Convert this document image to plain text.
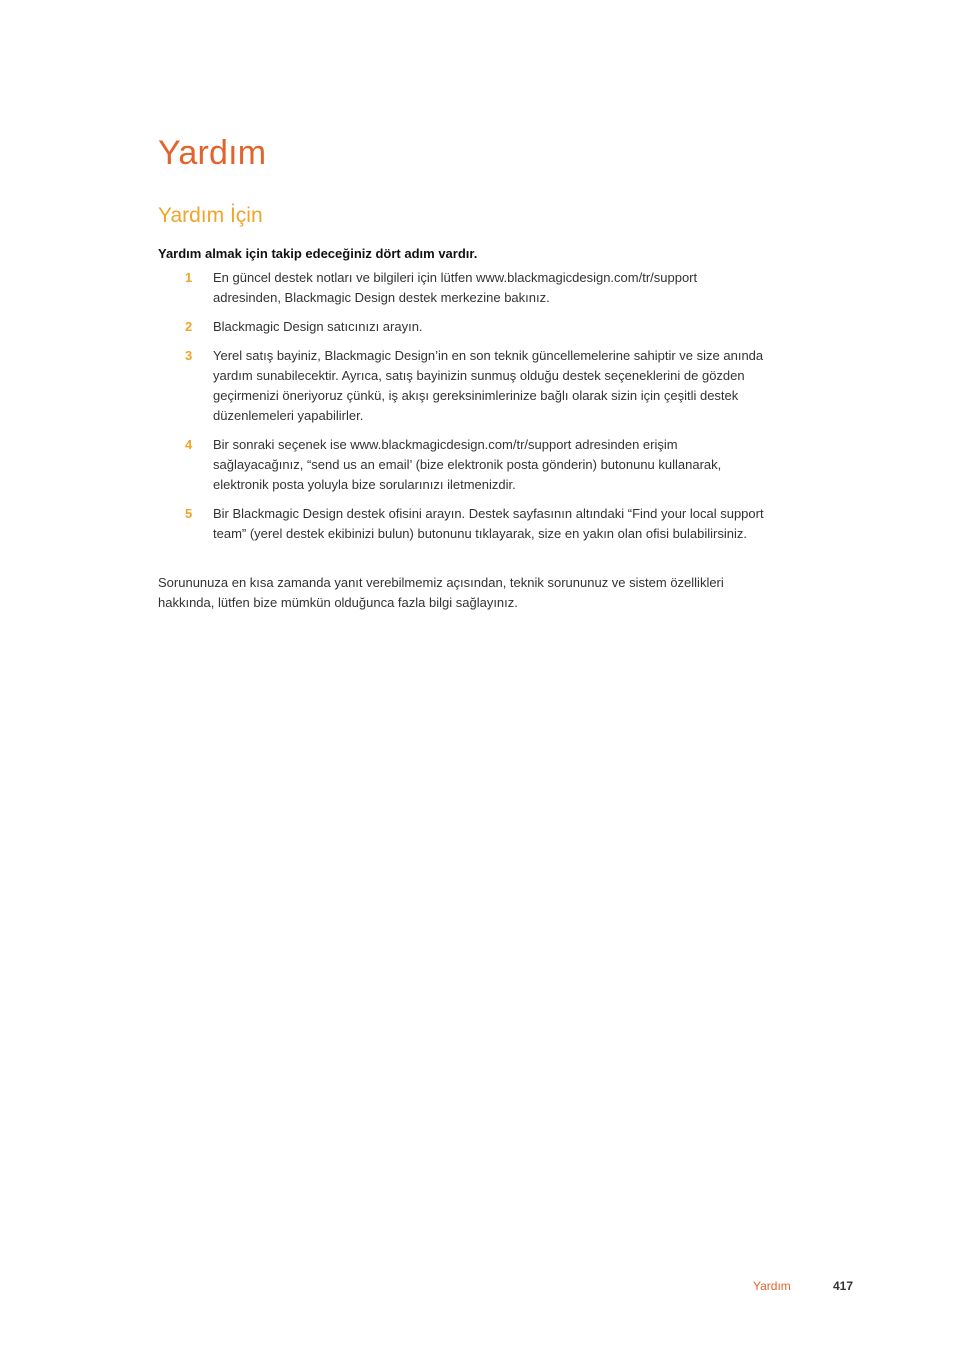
Yardım
Yardım İçin

Yardım almak için takip edeceğiniz dört adım vardır.

1	En güncel destek notları ve bilgileri için lütfen www.blackmagicdesign.com/tr/support adresinden, Blackmagic Design destek merkezine bakınız.
2	Blackmagic Design satıcınızı arayın.
3	Yerel satış bayiniz, Blackmagic Design’in en son teknik güncellemelerine sahiptir ve size anında yardım sunabilecektir. Ayrıca, satış bayinizin sunmuş olduğu destek seçeneklerini de gözden geçirmenizi öneriyoruz çünkü, iş akışı gereksinimlerinize bağlı olarak sizin için çeşitli destek düzenlemeleri yapabilirler.
4	Bir sonraki seçenek ise www.blackmagicdesign.com/tr/support adresinden erişim sağlayacağınız, “send us an email’ (bize elektronik posta gönderin) butonunu kullanarak, elektronik posta yoluyla bize sorularınızı iletmenizdir.
5	Bir Blackmagic Design destek ofisini arayın. Destek sayfasının altındaki “Find your local support team” (yerel destek ekibinizi bulun) butonunu tıklayarak, size en yakın olan ofisi bulabilirsiniz.

Sorununuza en kısa zamanda yanıt verebilmemiz açısından, teknik sorununuz ve sistem özellikleri hakkında, lütfen bize mümkün olduğunca fazla bilgi sağlayınız.

Yardım	417
